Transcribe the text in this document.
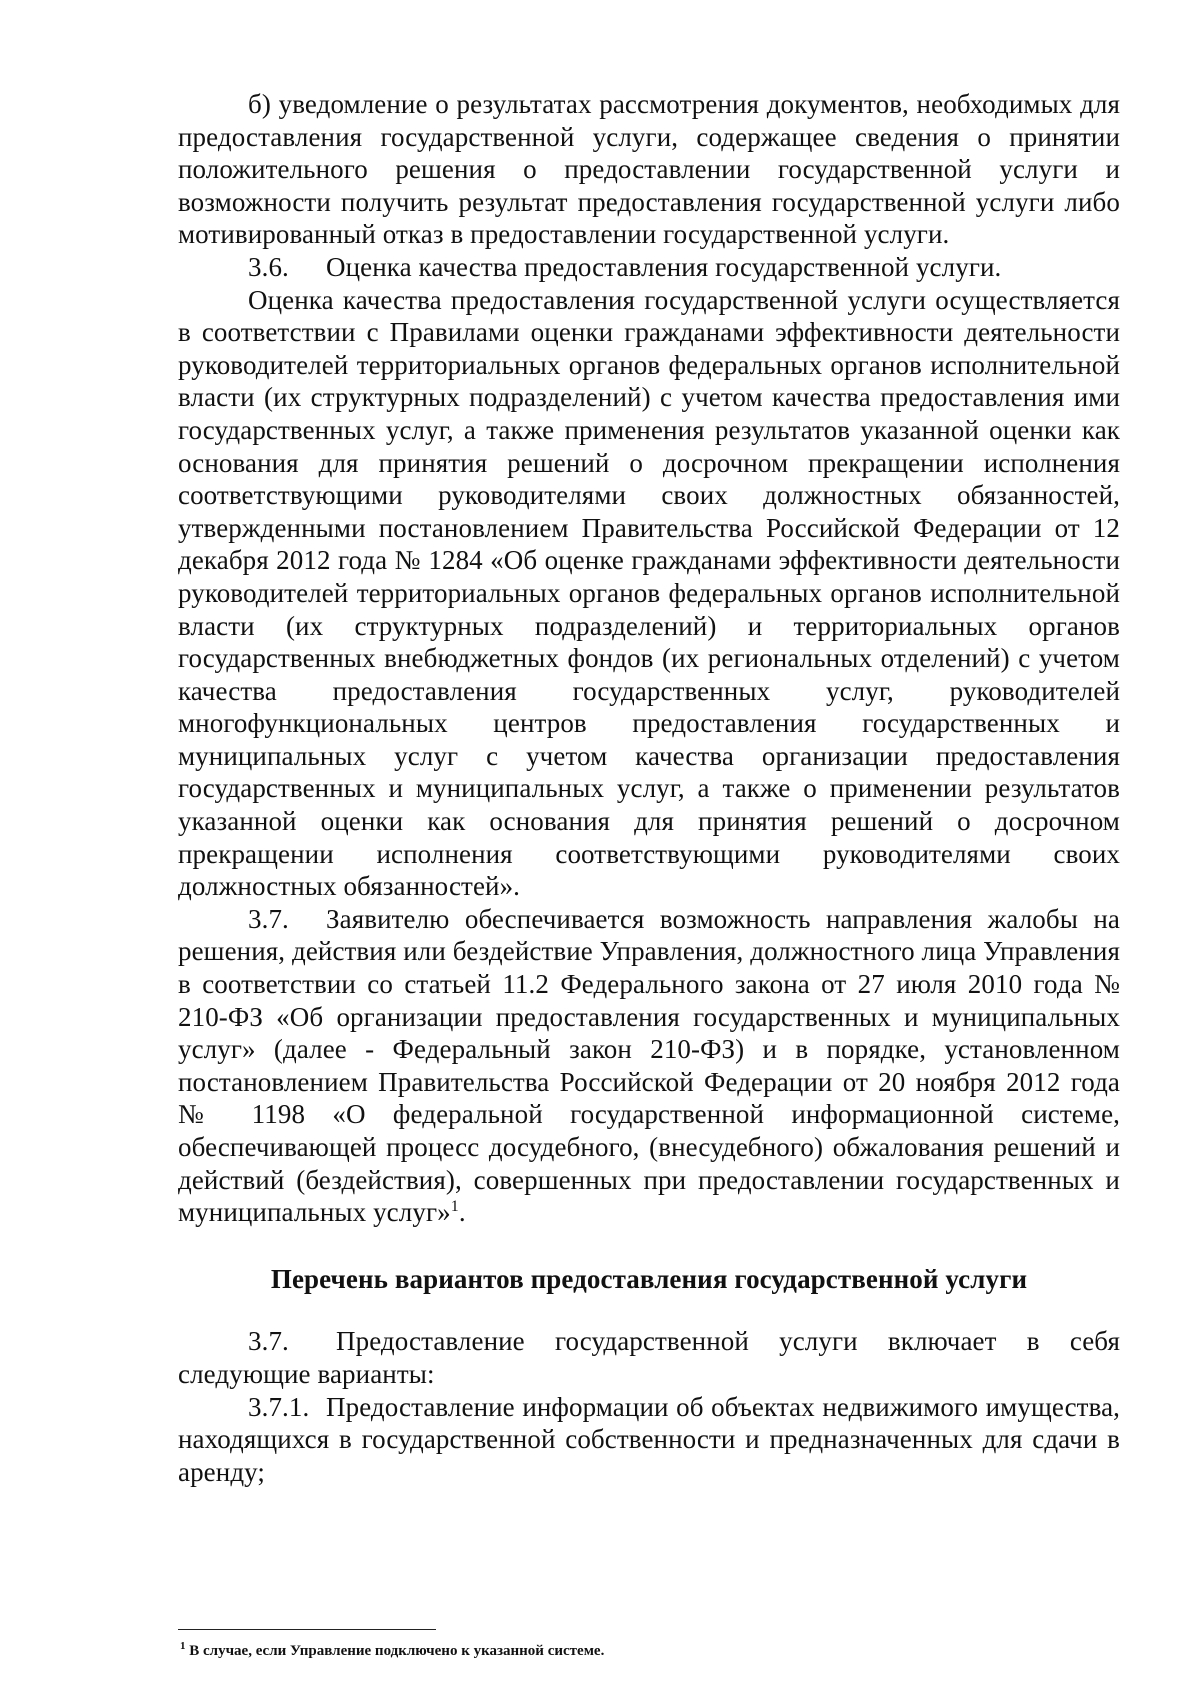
б) уведомление о результатах рассмотрения документов, необходимых для предоставления государственной услуги, содержащее сведения о принятии положительного решения о предоставлении государственной услуги и возможности получить результат предоставления государственной услуги либо мотивированный отказ в предоставлении государственной услуги.

3.6. Оценка качества предоставления государственной услуги.

Оценка качества предоставления государственной услуги осуществляется в соответствии с Правилами оценки гражданами эффективности деятельности руководителей территориальных органов федеральных органов исполнительной власти (их структурных подразделений) с учетом качества предоставления ими государственных услуг, а также применения результатов указанной оценки как основания для принятия решений о досрочном прекращении исполнения соответствующими руководителями своих должностных обязанностей, утвержденными постановлением Правительства Российской Федерации от 12 декабря 2012 года № 1284 «Об оценке гражданами эффективности деятельности руководителей территориальных органов федеральных органов исполнительной власти (их структурных подразделений) и территориальных органов государственных внебюджетных фондов (их региональных отделений) с учетом качества предоставления государственных услуг, руководителей многофункциональных центров предоставления государственных и муниципальных услуг с учетом качества организации предоставления государственных и муниципальных услуг, а также о применении результатов указанной оценки как основания для принятия решений о досрочном прекращении исполнения соответствующими руководителями своих должностных обязанностей».

3.7. Заявителю обеспечивается возможность направления жалобы на решения, действия или бездействие Управления, должностного лица Управления в соответствии со статьей 11.2 Федерального закона от 27 июля 2010 года № 210-ФЗ «Об организации предоставления государственных и муниципальных услуг» (далее - Федеральный закон 210-ФЗ) и в порядке, установленном постановлением Правительства Российской Федерации от 20 ноября 2012 года № 1198 «О федеральной государственной информационной системе, обеспечивающей процесс досудебного, (внесудебного) обжалования решений и действий (бездействия), совершенных при предоставлении государственных и муниципальных услуг»$^1$.

Перечень вариантов предоставления государственной услуги

3.7. Предоставление государственной услуги включает в себя следующие варианты:

3.7.1. Предоставление информации об объектах недвижимого имущества, находящихся в государственной собственности и предназначенных для сдачи в аренду;

$^1$ В случае, если Управление подключено к указанной системе.
